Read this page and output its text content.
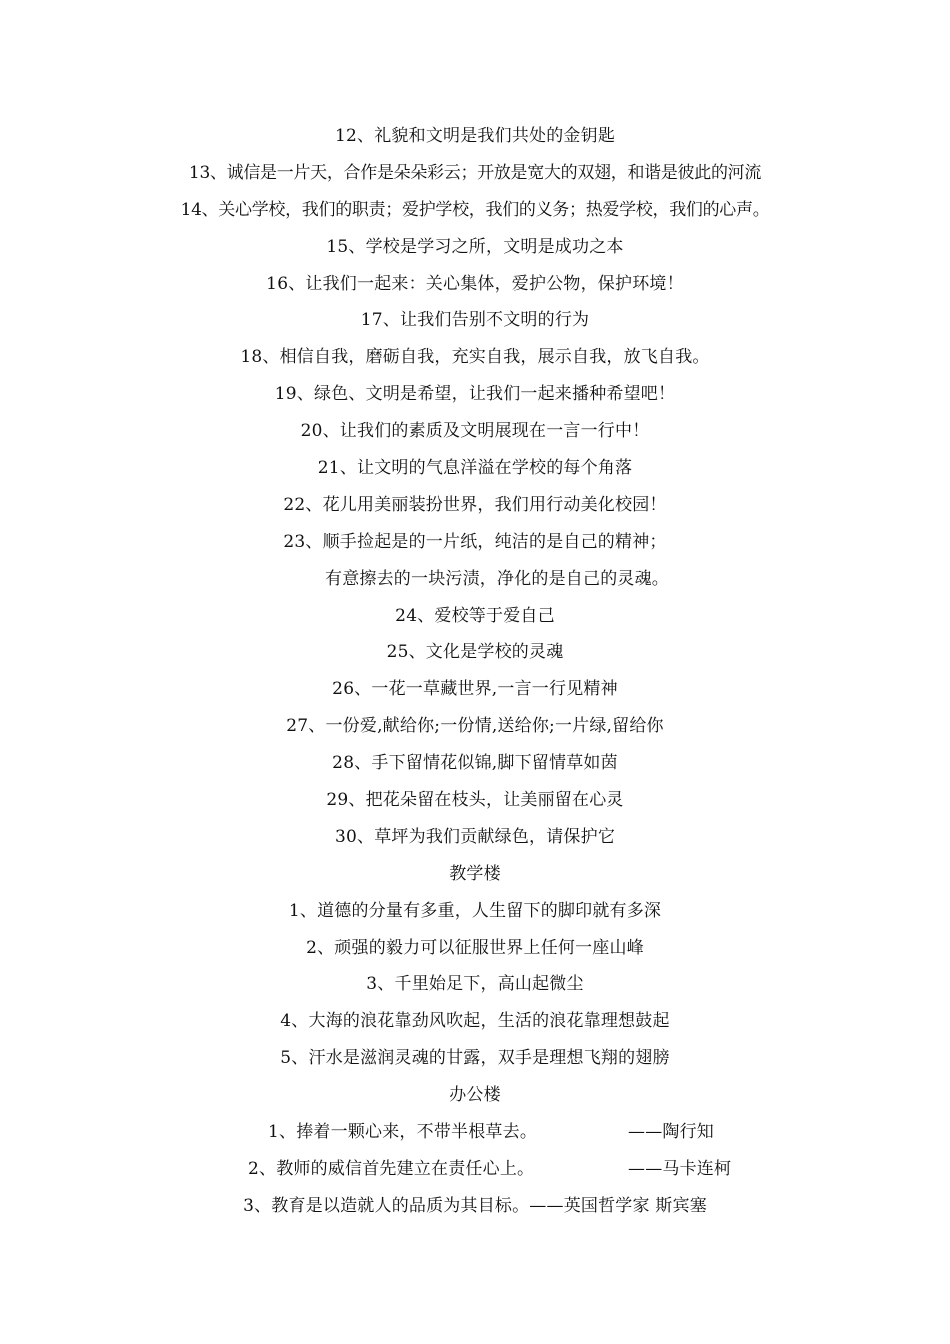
12、礼貌和文明是我们共处的金钥匙
13、诚信是一片天，合作是朵朵彩云；开放是宽大的双翅，和谐是彼此的河流
14、关心学校，我们的职责；爱护学校，我们的义务；热爱学校，我们的心声。
15、学校是学习之所，文明是成功之本
16、让我们一起来：关心集体，爱护公物，保护环境！
17、让我们告别不文明的行为
18、相信自我，磨砺自我，充实自我，展示自我，放飞自我。
19、绿色、文明是希望，让我们一起来播种希望吧！
20、让我们的素质及文明展现在一言一行中！
21、让文明的气息洋溢在学校的每个角落
22、花儿用美丽装扮世界，我们用行动美化校园！
23、顺手捡起是的一片纸，纯洁的是自己的精神；
有意擦去的一块污渍，净化的是自己的灵魂。
24、爱校等于爱自己
25、文化是学校的灵魂
26、一花一草藏世界,一言一行见精神
27、一份爱,献给你;一份情,送给你;一片绿,留给你
28、手下留情花似锦,脚下留情草如茵
29、把花朵留在枝头，让美丽留在心灵
30、草坪为我们贡献绿色，请保护它
教学楼
1、道德的分量有多重，人生留下的脚印就有多深
2、顽强的毅力可以征服世界上任何一座山峰
3、千里始足下，高山起微尘
4、大海的浪花靠劲风吹起，生活的浪花靠理想鼓起
5、汗水是滋润灵魂的甘露，双手是理想飞翔的翅膀
办公楼
1、捧着一颗心来，不带半根草去。	——陶行知
2、教师的威信首先建立在责任心上。	——马卡连柯
3、教育是以造就人的品质为其目标。——英国哲学家 斯宾塞
